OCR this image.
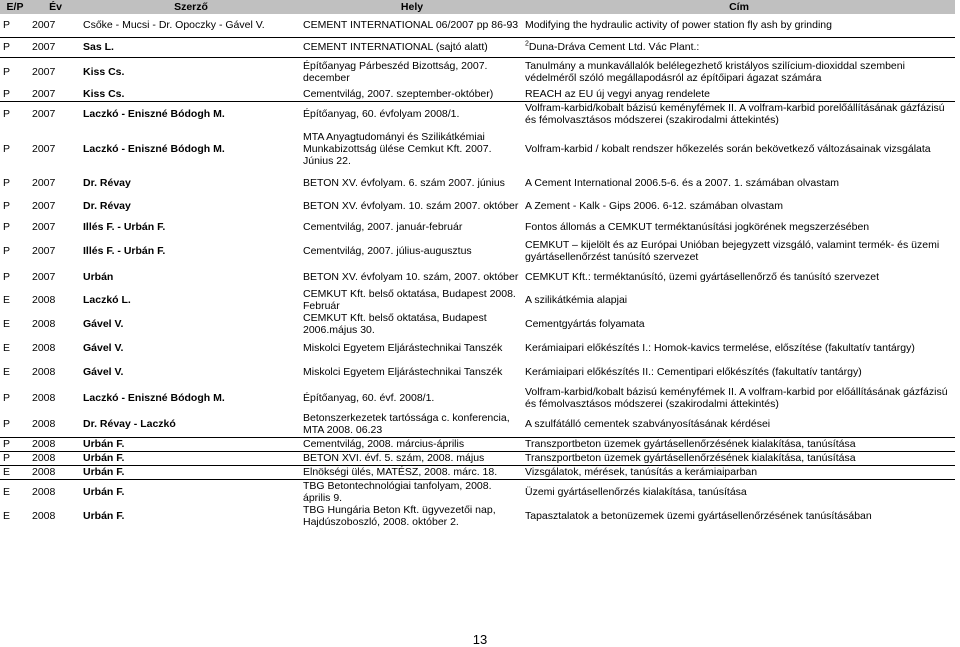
E/P	Év	Szerző	Hely	Cím
P	2007	Csőke - Mucsi - Dr. Opoczky - Gável V.	CEMENT INTERNATIONAL 06/2007 pp 86-93	Modifying the hydraulic activity of power station fly ash by grinding
P	2007	Sas L.	CEMENT INTERNATIONAL (sajtó alatt)	$^2$Duna-Dráva Cement Ltd. Vác Plant.:
P	2007	Kiss Cs.	Építőanyag Párbeszéd Bizottság, 2007. december	Tanulmány a munkavállalók belélegezhető kristályos szilícium-dioxiddal szembeni védelméről szóló megállapodásról az építőipari ágazat számára
P	2007	Kiss Cs.	Cementvilág, 2007. szeptember-október)	REACH az EU új vegyi anyag rendelete
P	2007	Laczkó - Eniszné Bódogh M.	Építőanyag, 60. évfolyam 2008/1.	Volfram-karbid/kobalt bázisú keményfémek II. A volfram-karbid porelőállításának gázfázisú és fémolvasztásos módszerei (szakirodalmi áttekintés)
P	2007	Laczkó - Eniszné Bódogh M.	MTA Anyagtudományi és Szilikátkémiai Munkabizottság ülése Cemkut Kft. 2007. Június 22.	Volfram-karbid / kobalt rendszer hőkezelés során bekövetkező változásainak vizsgálata
P	2007	Dr. Révay	BETON XV. évfolyam. 6. szám 2007. június	A Cement International 2006.5-6. és a 2007. 1. számában olvastam
P	2007	Dr. Révay	BETON XV. évfolyam. 10. szám 2007. október	A Zement - Kalk - Gips 2006. 6-12. számában olvastam
P	2007	Illés F. - Urbán F.	Cementvilág, 2007. január-február	Fontos állomás a CEMKUT terméktanúsítási jogkörének megszerzésében
P	2007	Illés F. - Urbán F.	Cementvilág, 2007. július-augusztus	CEMKUT – kijelölt és az Európai Unióban bejegyzett vizsgáló, valamint termék- és üzemi gyártásellenőrzést tanúsító szervezet
P	2007	Urbán	BETON XV. évfolyam 10. szám, 2007. október	CEMKUT Kft.: terméktanúsító, üzemi gyártásellenőrző és tanúsító szervezet
E	2008	Laczkó L.	CEMKUT Kft. belső oktatása, Budapest 2008. Február	A szilikátkémia alapjai
E	2008	Gável V.	CEMKUT Kft. belső oktatása, Budapest 2006.május 30.	Cementgyártás folyamata
E	2008	Gável V.	Miskolci Egyetem Eljárástechnikai Tanszék	Kerámiaipari előkészítés I.: Homok-kavics termelése, előszítése (fakultatív tantárgy)
E	2008	Gável V.	Miskolci Egyetem Eljárástechnikai Tanszék	Kerámiaipari előkészítés II.: Cementipari előkészítés (fakultatív tantárgy)
P	2008	Laczkó - Eniszné Bódogh M.	Építőanyag, 60. évf. 2008/1.	Volfram-karbid/kobalt bázisú keményfémek II. A volfram-karbid por előállításának gázfázisú és fémolvasztásos módszerei (szakirodalmi áttekintés)
P	2008	Dr. Révay - Laczkó	Betonszerkezetek tartóssága c. konferencia, MTA 2008. 06.23	A szulfátálló cementek szabványosításának kérdései
P	2008	Urbán F.	Cementvilág, 2008. március-április	Transzportbeton üzemek gyártásellenőrzésének kialakítása, tanúsítása
P	2008	Urbán F.	BETON XVI. évf. 5. szám, 2008. május	Transzportbeton üzemek gyártásellenőrzésének kialakítása, tanúsítása
E	2008	Urbán F.	Elnökségi ülés, MATÉSZ, 2008. márc. 18.	Vizsgálatok, mérések, tanúsítás a kerámiaiparban
E	2008	Urbán F.	TBG Betontechnológiai tanfolyam, 2008. április 9.	Üzemi gyártásellenőrzés kialakítása, tanúsítása
E	2008	Urbán F.	TBG Hungária Beton Kft. ügyvezetői nap, Hajdúszoboszló, 2008. október 2.	Tapasztalatok a betonüzemek üzemi gyártásellenőrzésének tanúsításában
13
